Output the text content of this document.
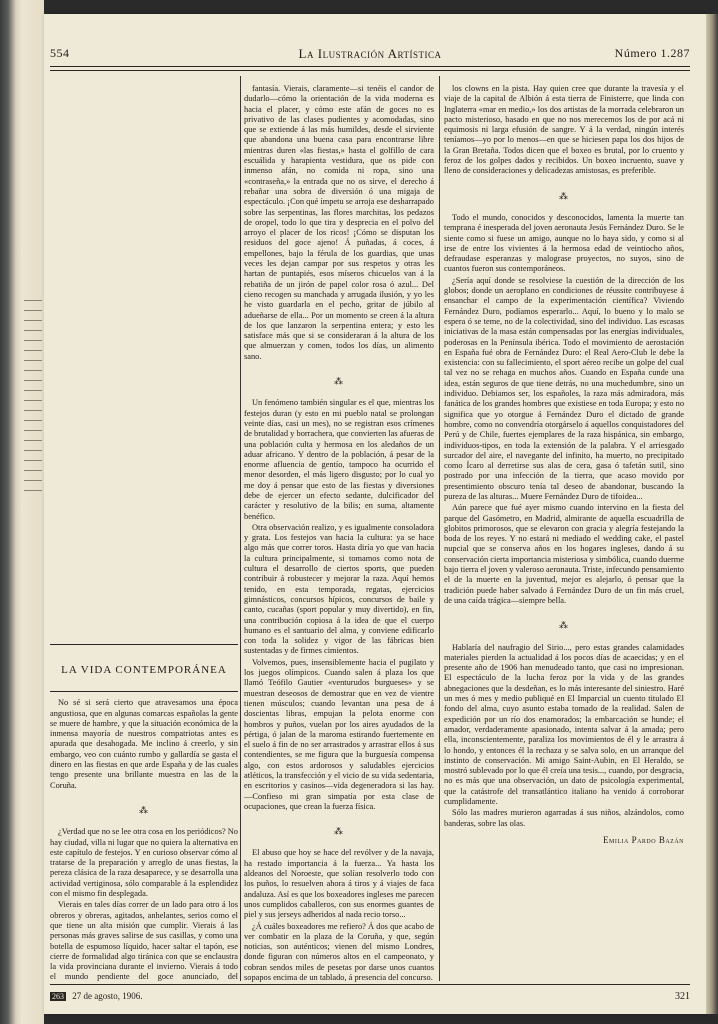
554	La Ilustración Artística	Número 1.287
LA VIDA CONTEMPORÁNEA

No sé si será cierto que atravesamos una época angustiosa, que en algunas comarcas españolas la gente se muere de hambre, y que la situación económica de la inmensa mayoría de nuestros compatriotas antes es apurada que desahogada. Me inclino á creerlo, y sin embargo, veo con cuánto rumbo y gallardía se gasta el dinero en las fiestas en que arde España y de las cuales tengo presente una brillante muestra en las de la Coruña.

⁂

¿Verdad que no se lee otra cosa en los periódicos? No hay ciudad, villa ni lugar que no quiera la alternativa en este capítulo de festejos. Y en curioso observar cómo al tratarse de la preparación y arreglo de unas fiestas, la pereza clásica de la raza desaparece, y se desarrolla una actividad vertiginosa, sólo comparable á la esplendidez con el mismo fin desplegada.

Vierais en tales días correr de un lado para otro á los obreros y obreras, agitados, anhelantes, serios como el que tiene un alta misión que cumplir. Vierais á las personas más graves salirse de sus casillas, y como una botella de espumoso líquido, hacer saltar el tapón, ese cierre de formalidad algo tiránica con que se enclaustra la vida provinciana durante el invierno. Vierais á todo el mundo pendiente del goce anunciado, del

fantasía. Vierais, claramente—si tenéis el candor de dudarlo—cómo la orientación de la vida moderna es hacia el placer, y cómo este afán de goces no es privativo de las clases pudientes y acomodadas, sino que se extiende á las más humildes, desde el sirviente que abandona una buena casa para encontrarse libre mientras duren «las fiestas,» hasta el golfillo de cara escuálida y harapienta vestidura, que os pide con inmenso afán, no comida ni ropa, sino una «contraseña,» la entrada que no os sirve, el derecho á rebañar una sobra de diversión ó una migaja de espectáculo. ¡Con qué ímpetu se arroja ese desharrapado sobre las serpentinas, las flores marchitas, los pedazos de oropel, todo lo que tira y desprecia en el polvo del arroyo el placer de los ricos! ¡Cómo se disputan los residuos del goce ajeno! Á puñadas, á coces, á empellones, bajo la férula de los guardias, que unas veces les dejan campar por sus respetos y otras les hartan de puntapiés, esos míseros chicuelos van á la rebatiña de un jirón de papel color rosa ó azul... Del cieno recogen su manchada y arrugada ilusión, y yo les he visto guardarla en el pecho, gritar de júbilo al adueñarse de ella... Por un momento se creen á la altura de los que lanzaron la serpentina entera; y esto les satisface más que si se consideraran á la altura de los que almuerzan y comen, todos los días, un alimento sano.

⁂

Un fenómeno también singular es el que, mientras los festejos duran (y esto en mi pueblo natal se prolongan veinte días, casi un mes), no se registran esos crímenes de brutalidad y borrachera, que convierten las afueras de una población culta y hermosa en los aledaños de un aduar africano. Y dentro de la población, á pesar de la enorme afluencia de gentío, tampoco ha ocurrido el menor desorden, el más ligero disgusto; por lo cual yo me doy á pensar que esto de las fiestas y diversiones debe de ejercer un efecto sedante, dulcificador del carácter y resolutivo de la bilis; en suma, altamente benéfico.

Otra observación realizo, y es igualmente consoladora y grata. Los festejos van hacia la cultura: ya se hace algo más que correr toros. Hasta diría yo que van hacia la cultura principalmente, si tomamos como nota de cultura el desarrollo de ciertos sports, que pueden contribuir á robustecer y mejorar la raza. Aquí hemos tenido, en esta temporada, regatas, ejercicios gimnásticos, concursos hípicos, concursos de baile y canto, cucañas (sport popular y muy divertido), en fin, una contribución copiosa á la idea de que el cuerpo humano es el santuario del alma, y conviene edificarlo con toda la solidez y vigor de las fábricas bien sustentadas y de firmes cimientos.

Volvemos, pues, insensiblemente hacia el pugilato y los juegos olímpicos. Cuando salen á plaza los que llamó Teófilo Gautier «venturudos burgueses» y se muestran deseosos de demostrar que en vez de vientre tienen músculos; cuando levantan una pesa de á doscientas libras, empujan la pelota enorme con hombros y puños, vuelan por los aires ayudados de la pértiga, ó jalan de la maroma estirando fuertemente en el suelo á fin de no ser arrastrados y arrastrar ellos á sus contendientes, se me figura que la burguesía compensa algo, con estos ardorosos y saludables ejercicios atléticos, la transfección y el vicio de su vida sedentaria, en escritorios y casinos—vida degeneradora si las hay.—Confieso mi gran simpatía por esta clase de ocupaciones, que crean la fuerza física.

⁂

El abuso que hoy se hace del revólver y de la navaja, ha restado importancia á la fuerza... Ya hasta los aldeanos del Noroeste, que solían resolverlo todo con los puños, lo resuelven ahora á tiros y á viajes de faca andaluza. Así es que los boxeadores ingleses me parecen unos cumplidos caballeros, con sus enormes guantes de piel y sus jerseys adheridos al nada recio torso...

¿Á cuáles boxeadores me refiero? Á dos que acabo de ver combatir en la plaza de la Coruña, y que, según noticias, son auténticos; vienen del mismo Londres, donde figuran con números altos en el campeonato, y cobran sendos miles de pesetas por darse unos cuantos sopapos encima de un tablado, á presencia del concurso.

los clowns en la pista. Hay quien cree que durante la travesía y el viaje de la capital de Albión á esta tierra de Finisterre, que linda con Inglaterra «mar en medio,» los dos artistas de la morrada celebraron un pacto misterioso, basado en que no nos merecemos los de por acá ni equimosis ni larga efusión de sangre. Y á la verdad, ningún interés teníamos—yo por lo menos—en que se hiciesen papa los dos hijos de la Gran Bretaña. Todos dicen que el boxeo es brutal, por lo cruento y feroz de los golpes dados y recibidos. Un boxeo incruento, suave y lleno de consideraciones y delicadezas amistosas, es preferible.

⁂

Todo el mundo, conocidos y desconocidos, lamenta la muerte tan temprana é inesperada del joven aeronauta Jesús Fernández Duro. Se le siente como si fuese un amigo, aunque no lo haya sido, y como si al irse de entre los vivientes á la hermosa edad de veintiocho años, defraudase esperanzas y malograse proyectos, no suyos, sino de cuantos fueron sus contemporáneos.

¿Sería aquí donde se resolviese la cuestión de la dirección de los globos; donde un aeroplano en condiciones de réussite contribuyese á ensanchar el campo de la experimentación científica? Viviendo Fernández Duro, podíamos esperarlo... Aquí, lo bueno y lo malo se espera ó se teme, no de la colectividad, sino del individuo. Las escasas iniciativas de la masa están compensadas por las energías individuales, poderosas en la Península ibérica. Todo el movimiento de aerostación en España fué obra de Fernández Duro: el Real Aero-Club le debe la existencia: con su fallecimiento, el sport aéreo recibe un golpe del cual tal vez no se rehaga en muchos años. Cuando en España cunde una idea, están seguros de que tiene detrás, no una muchedumbre, sino un individuo. Debiamos ser, los españoles, la raza más admiradora, más fanática de los grandes hombres que existiese en toda Europa; y esto no significa que yo otorgue á Fernández Duro el dictado de grande hombre, como no convendría otorgárselo á aquellos conquistadores del Perú y de Chile, fuertes ejemplares de la raza hispánica, sin embargo, individuos-tipos, en toda la extensión de la palabra. Y el arriesgado surcador del aire, el navegante del infinito, ha muerto, no precipitado como Ícaro al derretirse sus alas de cera, gasa ó tafetán sutil, sino postrado por una infección de la tierra, que acaso movido por presentimiento obscuro tenía tal deseo de abandonar, buscando la pureza de las alturas... Muere Fernández Duro de tifoidea...

Aún parece que fué ayer mismo cuando intervino en la fiesta del parque del Gasómetro, en Madrid, almirante de aquella escuadrilla de globitos primorosos, que se elevaron con gracia y alegría festejando la boda de los reyes. Y no estará ni mediado el wedding cake, el pastel nupcial que se conserva años en los hogares ingleses, dando á su conservación cierta importancia misteriosa y simbólica, cuando duerme bajo tierra el joven y valeroso aeronauta. Triste, infecundo pensamiento el de la muerte en la juventud, mejor es alejarlo, ó pensar que la tradición puede haber salvado á Fernández Duro de un fin más cruel, de una caída trágica—siempre bella.

⁂

Hablaría del naufragio del Sirio..., pero estas grandes calamidades materiales pierden la actualidad á los pocos días de acaecidas; y en el presente año de 1906 han menudeado tanto, que casi no impresionan. El espectáculo de la lucha feroz por la vida y de las grandes abnegaciones que la desdeñan, es lo más interesante del siniestro. Haré un mes ó mes y medio publiqué en El Imparcial un cuento titulado El fondo del alma, cuyo asunto estaba tomado de la realidad. Salen de expedición por un río dos enamorados; la embarcación se hunde; el amador, verdaderamente apasionado, intenta salvar á la amada; pero ella, inconscientemente, paraliza los movimientos de él y le arrastra á lo hondo, y entonces él la rechaza y se salva solo, en un arranque del instinto de conservación. Mi amigo Saint-Aubin, en El Heraldo, se mostró sublevado por lo que él creía una tesis..., cuando, por desgracia, no es más que una observación, un dato de psicología experimental, que la catástrofe del transatlántico italiano ha venido á corroborar cumplidamente.

Sólo las madres murieron agarradas á sus niños, alzándolos, como banderas, sobre las olas.

Emilia Pardo Bazán
263 27 de agosto, 1906.	321
